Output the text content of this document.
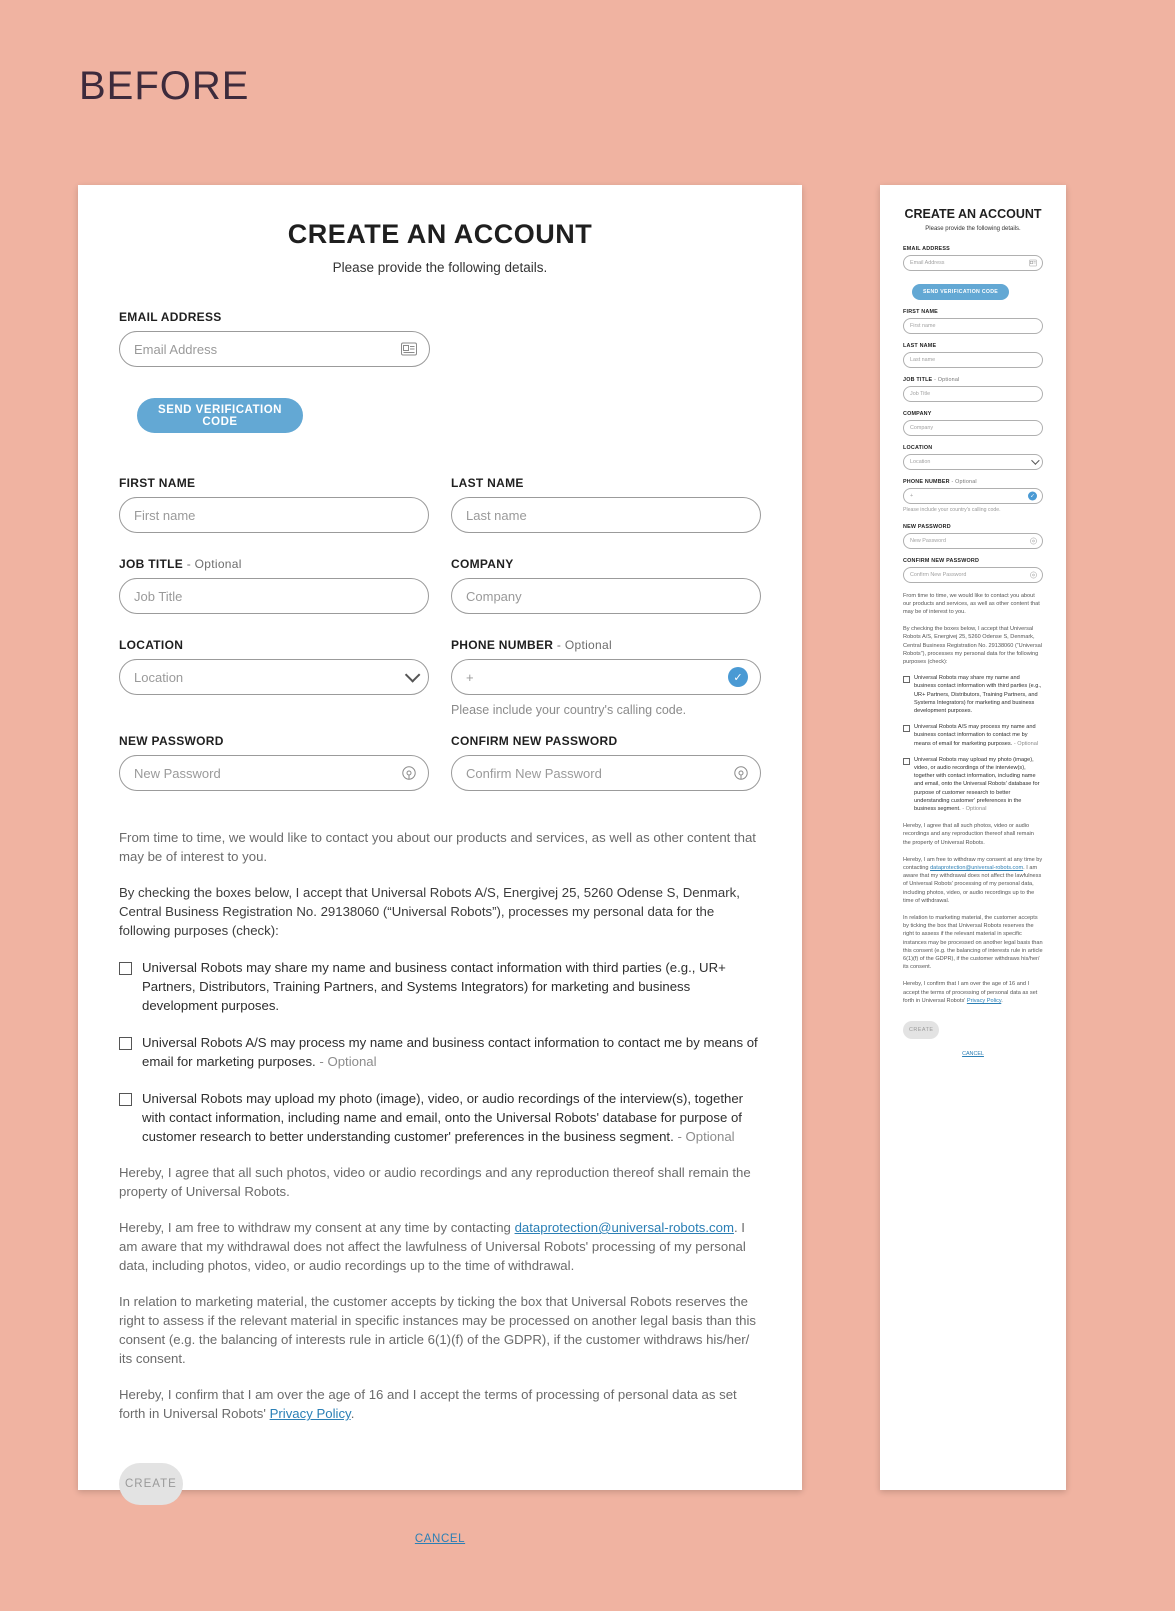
BEFORE
CREATE AN ACCOUNT
Please provide the following details.
EMAIL ADDRESS
Email Address
SEND VERIFICATION CODE
FIRST NAME
First name
LAST NAME
Last name
JOB TITLE - Optional
Job Title
COMPANY
Company
LOCATION
Location
PHONE NUMBER - Optional
+	✓
Please include your country's calling code.
NEW PASSWORD
New Password
CONFIRM NEW PASSWORD
Confirm New Password
From time to time, we would like to contact you about our products and services, as well as other content that may be of interest to you.
By checking the boxes below, I accept that Universal Robots A/S, Energivej 25, 5260 Odense S, Denmark, Central Business Registration No. 29138060 (“Universal Robots”), processes my personal data for the following purposes (check):
Universal Robots may share my name and business contact information with third parties (e.g., UR+ Partners, Distributors, Training Partners, and Systems Integrators) for marketing and business development purposes.
Universal Robots A/S may process my name and business contact information to contact me by means of email for marketing purposes. - Optional
Universal Robots may upload my photo (image), video, or audio recordings of the interview(s), together with contact information, including name and email, onto the Universal Robots' database for purpose of customer research to better understanding customer' preferences in the business segment. - Optional
Hereby, I agree that all such photos, video or audio recordings and any reproduction thereof shall remain the property of Universal Robots.
Hereby, I am free to withdraw my consent at any time by contacting dataprotection@universal-robots.com. I am aware that my withdrawal does not affect the lawfulness of Universal Robots' processing of my personal data, including photos, video, or audio recordings up to the time of withdrawal.
In relation to marketing material, the customer accepts by ticking the box that Universal Robots reserves the right to assess if the relevant material in specific instances may be processed on another legal basis than this consent (e.g. the balancing of interests rule in article 6(1)(f) of the GDPR), if the customer withdraws his/her/ its consent.
Hereby, I confirm that I am over the age of 16 and I accept the terms of processing of personal data as set forth in Universal Robots' Privacy Policy.
CREATE
CANCEL
CREATE AN ACCOUNT
Please provide the following details.
EMAIL ADDRESS
Email Address
SEND VERIFICATION CODE
FIRST NAME
First name
LAST NAME
Last name
JOB TITLE - Optional
Job Title
COMPANY
Company
LOCATION
Location
PHONE NUMBER - Optional
+	✓
Please include your country's calling code.
NEW PASSWORD
New Password
CONFIRM NEW PASSWORD
Confirm New Password
From time to time, we would like to contact you about our products and services, as well as other content that may be of interest to you.
By checking the boxes below, I accept that Universal Robots A/S, Energivej 25, 5260 Odense S, Denmark, Central Business Registration No. 29138060 (“Universal Robots”), processes my personal data for the following purposes (check):
Universal Robots may share my name and business contact information with third parties (e.g., UR+ Partners, Distributors, Training Partners, and Systems Integrators) for marketing and business development purposes.
Universal Robots A/S may process my name and business contact information to contact me by means of email for marketing purposes. - Optional
Universal Robots may upload my photo (image), video, or audio recordings of the interview(s), together with contact information, including name and email, onto the Universal Robots' database for purpose of customer research to better understanding customer' preferences in the business segment. - Optional
Hereby, I agree that all such photos, video or audio recordings and any reproduction thereof shall remain the property of Universal Robots.
Hereby, I am free to withdraw my consent at any time by contacting dataprotection@universal-robots.com. I am aware that my withdrawal does not affect the lawfulness of Universal Robots' processing of my personal data, including photos, video, or audio recordings up to the time of withdrawal.
In relation to marketing material, the customer accepts by ticking the box that Universal Robots reserves the right to assess if the relevant material in specific instances may be processed on another legal basis than this consent (e.g. the balancing of interests rule in article 6(1)(f) of the GDPR), if the customer withdraws his/her/ its consent.
Hereby, I confirm that I am over the age of 16 and I accept the terms of processing of personal data as set forth in Universal Robots' Privacy Policy.
CREATE
CANCEL
